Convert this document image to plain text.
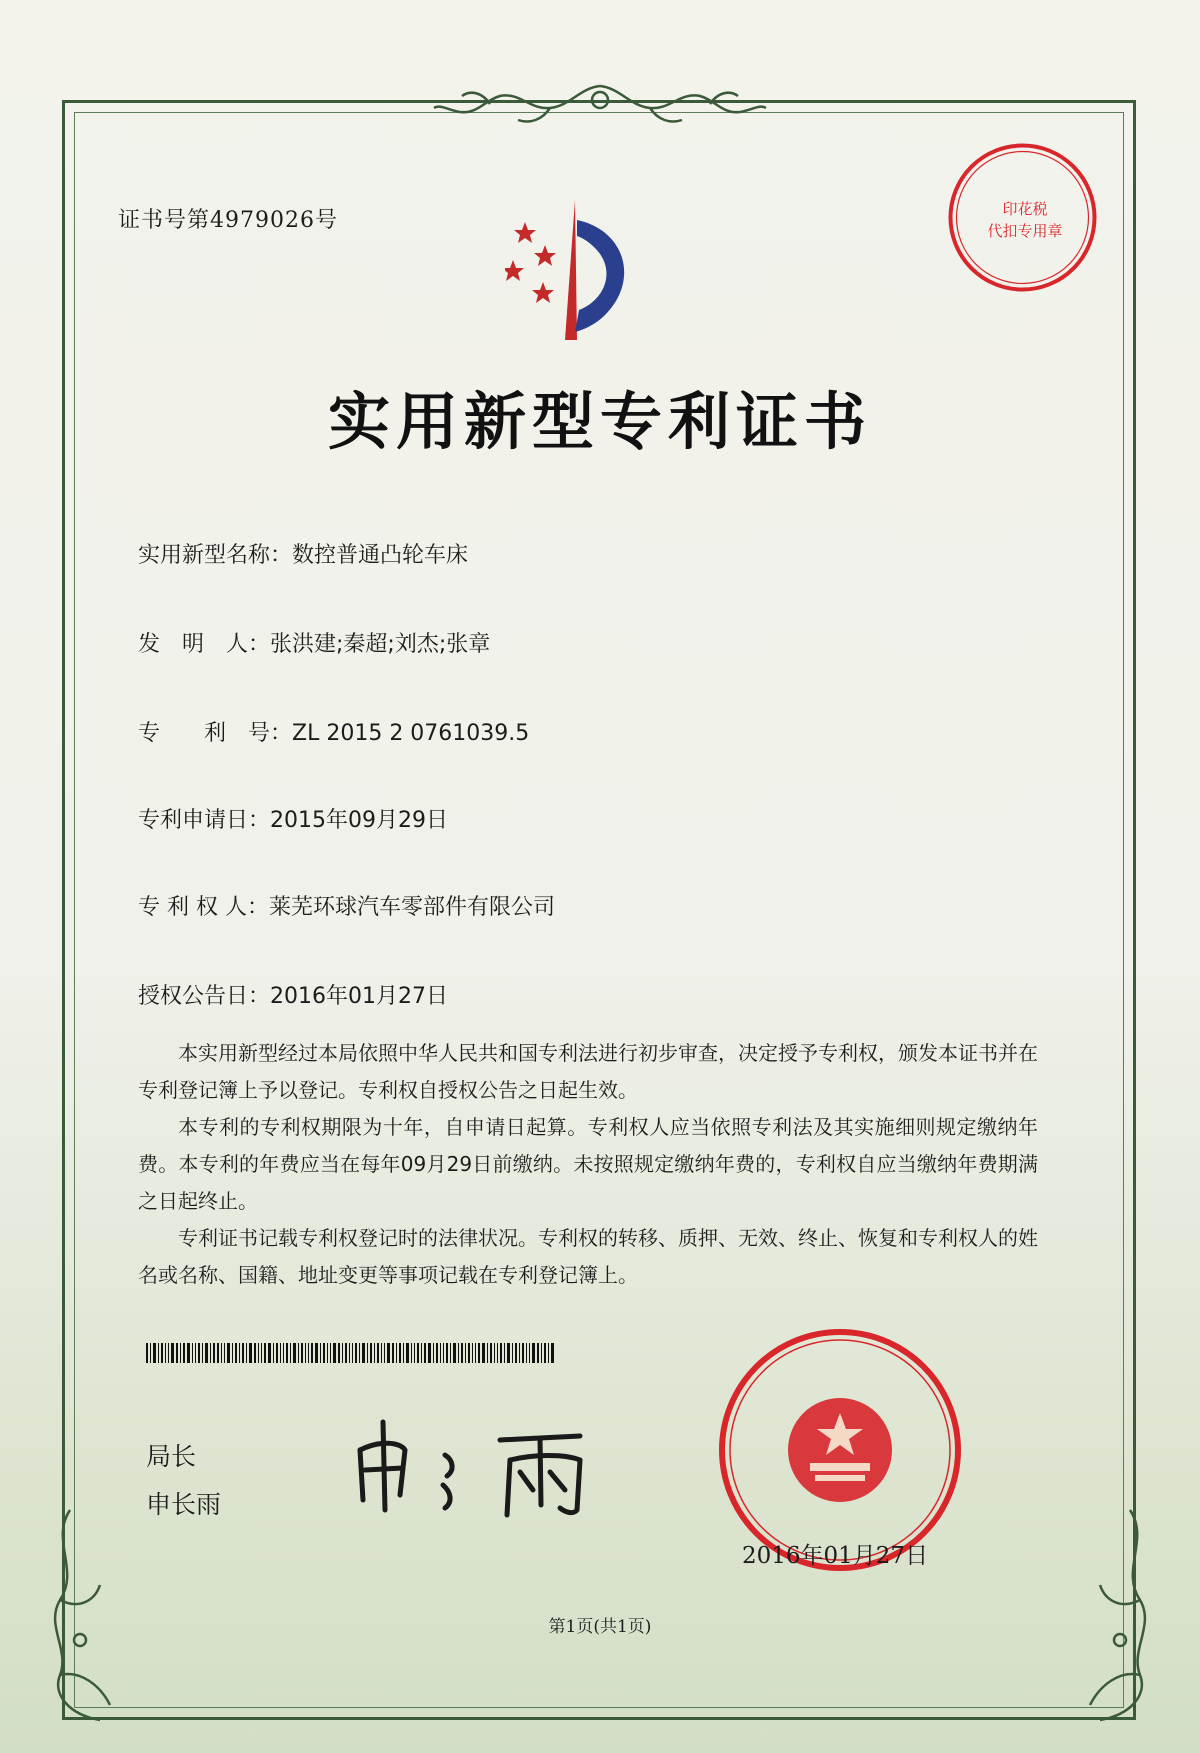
印花税
代扣专用章
证书号第4979026号
实用新型专利证书
实用新型名称：数控普通凸轮车床
发　明　人：张洪建;秦超;刘杰;张章
专　　利　号：ZL 2015 2 0761039.5
专利申请日：2015年09月29日
专 利 权 人：莱芜环球汽车零部件有限公司
授权公告日：2016年01月27日

本实用新型经过本局依照中华人民共和国专利法进行初步审查，决定授予专利权，颁发本证书并在专利登记簿上予以登记。专利权自授权公告之日起生效。

本专利的专利权期限为十年，自申请日起算。专利权人应当依照专利法及其实施细则规定缴纳年费。本专利的年费应当在每年09月29日前缴纳。未按照规定缴纳年费的，专利权自应当缴纳年费期满之日起终止。

专利证书记载专利权登记时的法律状况。专利权的转移、质押、无效、终止、恢复和专利权人的姓名或名称、国籍、地址变更等事项记载在专利登记簿上。

局长
申长雨
2016年01月27日
第1页(共1页)
